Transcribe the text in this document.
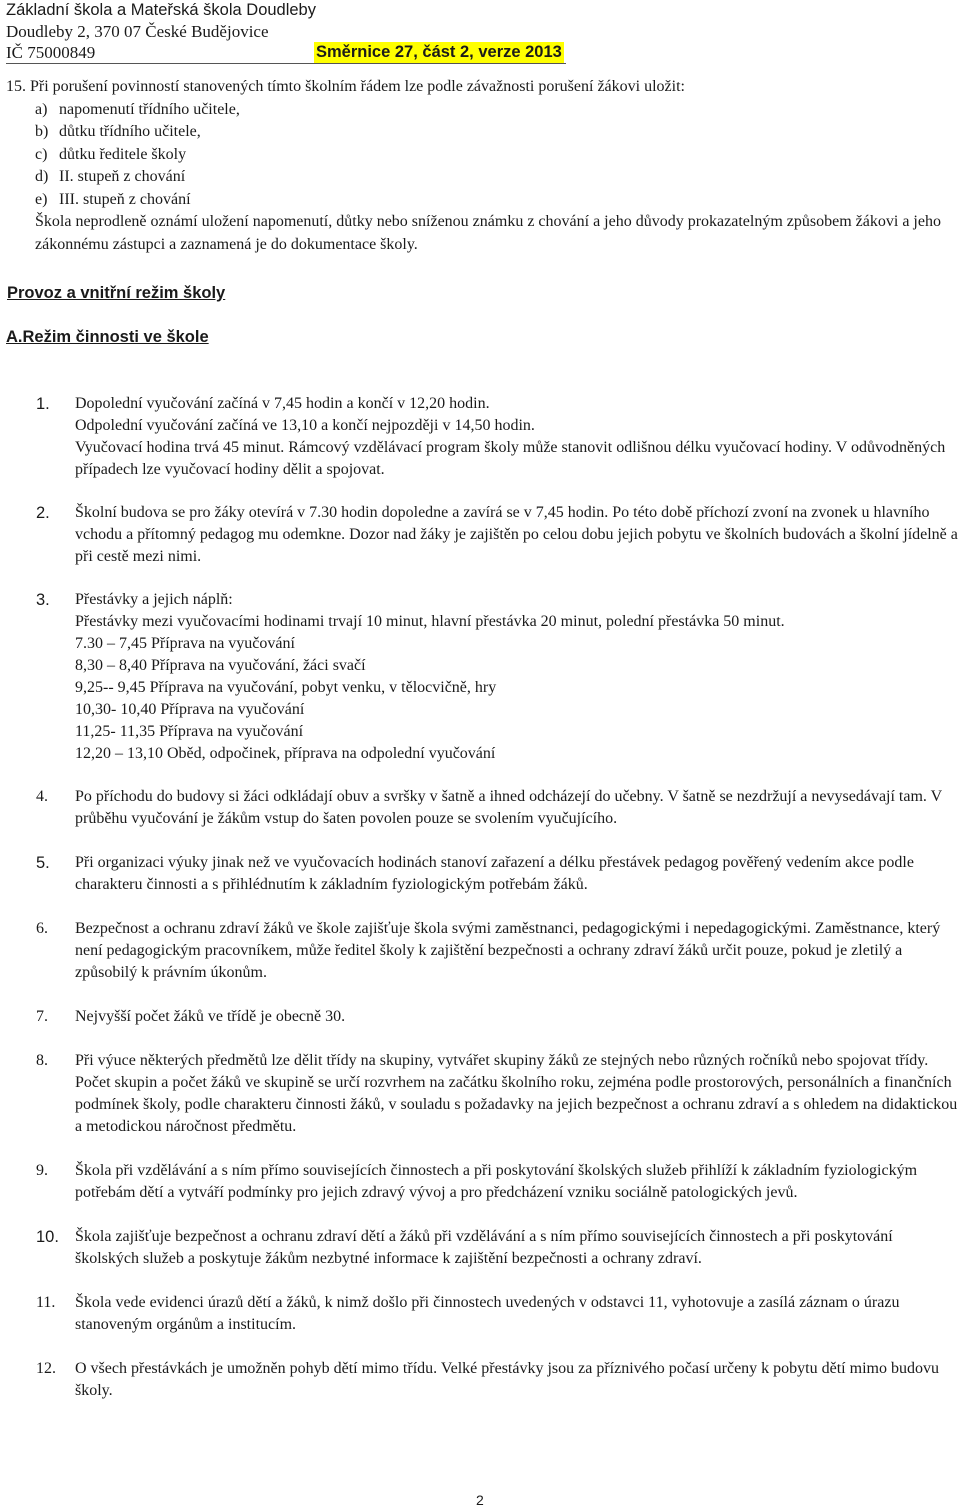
Základní škola a Mateřská škola Doudleby
Doudleby 2, 370 07 České Budějovice
IČ 75000849	Směrnice 27, část 2, verze 2013
15. Při porušení povinností stanovených tímto školním řádem lze podle závažnosti porušení žákovi uložit:
a) napomenutí třídního učitele,
b) důtku třídního učitele,
c) důtku ředitele školy
d) II. stupeň z chování
e) III. stupeň z chování
Škola neprodleně oznámí uložení napomenutí, důtky nebo sníženou známku z chování a jeho důvody prokazatelným způsobem žákovi a jeho zákonnému zástupci a zaznamená je do dokumentace školy.
Provoz a vnitřní režim školy
A.Režim činnosti ve škole
1.	Dopolední vyučování začíná v 7,45 hodin a končí v 12,20 hodin.

Odpolední vyučování začíná ve 13,10 a končí nejpozději v 14,50 hodin.

Vyučovací hodina trvá 45 minut. Rámcový vzdělávací program školy může stanovit odlišnou délku vyučovací hodiny. V odůvodněných případech lze vyučovací hodiny dělit a spojovat.

2.	Školní budova se pro žáky otevírá v 7.30 hodin dopoledne a zavírá se v 7,45 hodin. Po této době příchozí zvoní na zvonek u hlavního vchodu a přítomný pedagog mu odemkne. Dozor nad žáky je zajištěn po celou dobu jejich pobytu ve školních budovách a školní jídelně a při cestě mezi nimi.

3.	Přestávky a jejich náplň:

Přestávky mezi vyučovacími hodinami trvají 10 minut, hlavní přestávka 20 minut, polední přestávka 50 minut.

7.30 – 7,45 Příprava na vyučování

8,30 – 8,40 Příprava na vyučování, žáci svačí

9,25-- 9,45 Příprava na vyučování, pobyt venku, v tělocvičně, hry

10,30- 10,40 Příprava na vyučování

11,25- 11,35 Příprava na vyučování

12,20 – 13,10 Oběd, odpočinek, příprava na odpolední vyučování

4.	Po příchodu do budovy si žáci odkládají obuv a svršky v šatně a ihned odcházejí do učebny. V šatně se nezdržují a nevysedávají tam. V průběhu vyučování je žákům vstup do šaten povolen pouze se svolením vyučujícího.

5.	Při organizaci výuky jinak než ve vyučovacích hodinách stanoví zařazení a délku přestávek pedagog pověřený vedením akce podle charakteru činnosti a s přihlédnutím k základním fyziologickým potřebám žáků.

6.	Bezpečnost a ochranu zdraví žáků ve škole zajišťuje škola svými zaměstnanci, pedagogickými i nepedagogickými. Zaměstnance, který není pedagogickým pracovníkem, může ředitel školy k zajištění bezpečnosti a ochrany zdraví žáků určit pouze, pokud je zletilý a způsobilý k právním úkonům.

7.	Nejvyšší počet žáků ve třídě je obecně 30.

8.	Při výuce některých předmětů lze dělit třídy na skupiny, vytvářet skupiny žáků ze stejných nebo různých ročníků nebo spojovat třídy. Počet skupin a počet žáků ve skupině se určí rozvrhem na začátku školního roku, zejména podle prostorových, personálních a finančních podmínek školy, podle charakteru činnosti žáků, v souladu s požadavky na jejich bezpečnost a ochranu zdraví a s ohledem na didaktickou a metodickou náročnost předmětu.

9.	Škola při vzdělávání a s ním přímo souvisejících činnostech a při poskytování školských služeb přihlíží k základním fyziologickým potřebám dětí a vytváří podmínky pro jejich zdravý vývoj a pro předcházení vzniku sociálně patologických jevů.

10.	Škola zajišťuje bezpečnost a ochranu zdraví dětí a žáků při vzdělávání a s ním přímo souvisejících činnostech a při poskytování školských služeb a poskytuje žákům nezbytné informace k zajištění bezpečnosti a ochrany zdraví.

11.	Škola vede evidenci úrazů dětí a žáků, k nimž došlo při činnostech uvedených v odstavci 11, vyhotovuje a zasílá záznam o úrazu stanoveným orgánům a institucím.

12.	O všech přestávkách je umožněn pohyb dětí mimo třídu. Velké přestávky jsou za příznivého počasí určeny k pobytu dětí mimo budovu školy.

2
